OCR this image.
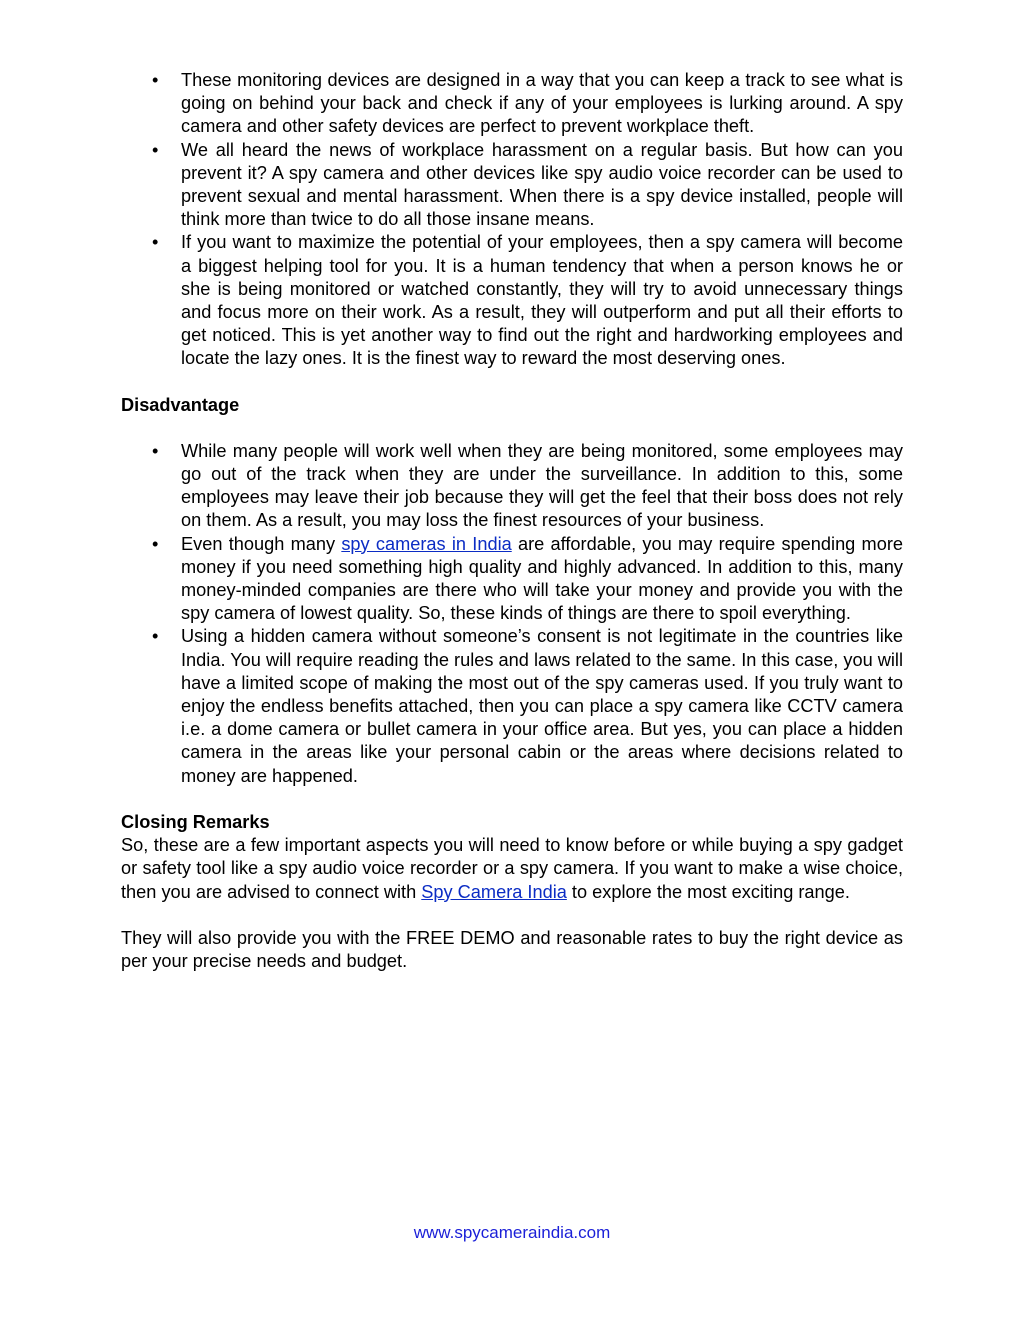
• These monitoring devices are designed in a way that you can keep a track to see what is going on behind your back and check if any of your employees is lurking around. A spy camera and other safety devices are perfect to prevent workplace theft.
• We all heard the news of workplace harassment on a regular basis. But how can you prevent it? A spy camera and other devices like spy audio voice recorder can be used to prevent sexual and mental harassment. When there is a spy device installed, people will think more than twice to do all those insane means.
• If you want to maximize the potential of your employees, then a spy camera will become a biggest helping tool for you. It is a human tendency that when a person knows he or she is being monitored or watched constantly, they will try to avoid unnecessary things and focus more on their work. As a result, they will outperform and put all their efforts to get noticed. This is yet another way to find out the right and hardworking employees and locate the lazy ones. It is the finest way to reward the most deserving ones.

Disadvantage

• While many people will work well when they are being monitored, some employees may go out of the track when they are under the surveillance. In addition to this, some employees may leave their job because they will get the feel that their boss does not rely on them. As a result, you may loss the finest resources of your business.
• Even though many spy cameras in India are affordable, you may require spending more money if you need something high quality and highly advanced. In addition to this, many money-minded companies are there who will take your money and provide you with the spy camera of lowest quality. So, these kinds of things are there to spoil everything.
• Using a hidden camera without someone’s consent is not legitimate in the countries like India. You will require reading the rules and laws related to the same. In this case, you will have a limited scope of making the most out of the spy cameras used. If you truly want to enjoy the endless benefits attached, then you can place a spy camera like CCTV camera i.e. a dome camera or bullet camera in your office area. But yes, you can place a hidden camera in the areas like your personal cabin or the areas where decisions related to money are happened.

Closing Remarks

So, these are a few important aspects you will need to know before or while buying a spy gadget or safety tool like a spy audio voice recorder or a spy camera. If you want to make a wise choice, then you are advised to connect with Spy Camera India to explore the most exciting range.

They will also provide you with the FREE DEMO and reasonable rates to buy the right device as per your precise needs and budget.

www.spycameraindia.com
